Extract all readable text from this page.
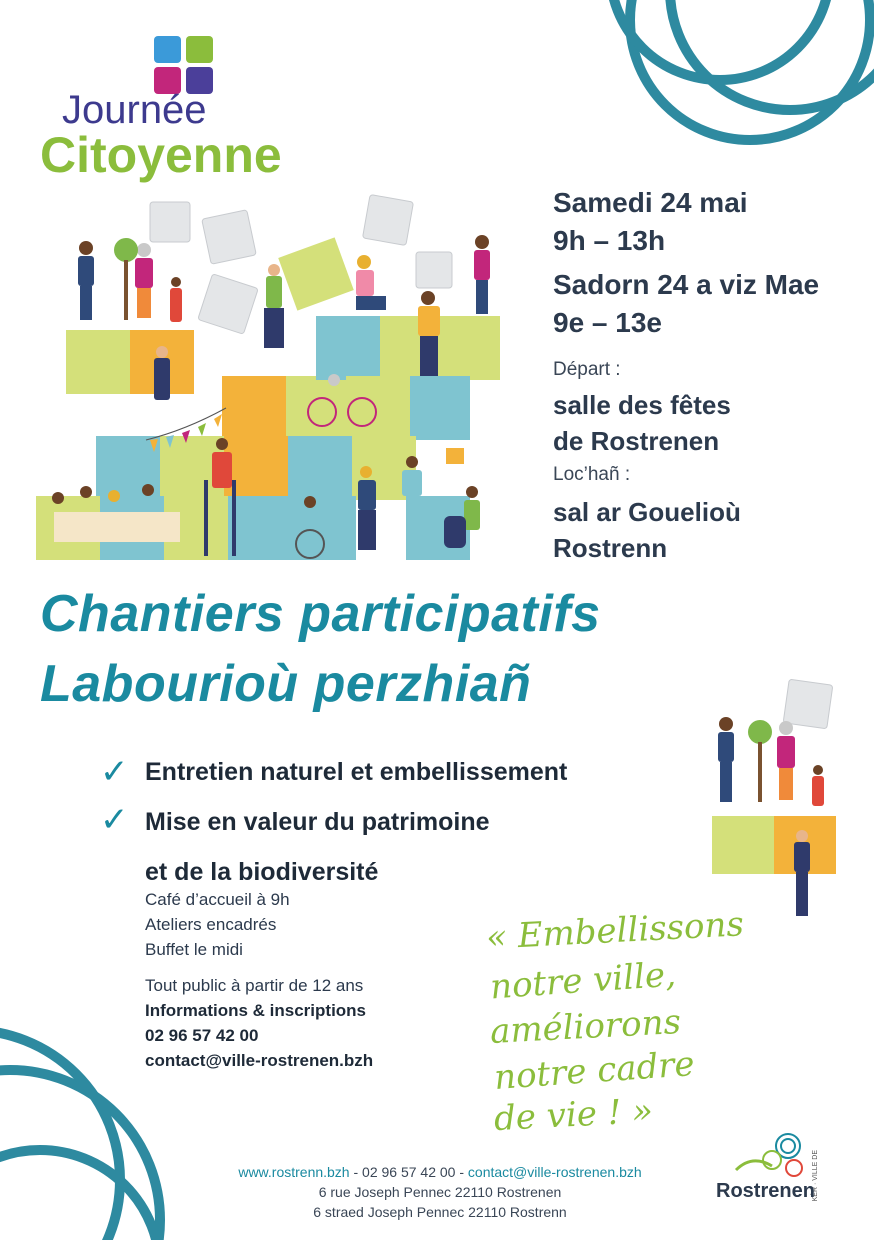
Journée
Citoyenne
Samedi 24 mai
9h – 13h
Sadorn 24 a viz Mae
9e – 13e
Départ :
salle des fêtes
de Rostrenen
Loc’hañ :
sal ar Gouelioù
Rostrenn
Chantiers participatifs
Labourioù perzhiañ
✓ Entretien naturel et embellissement
✓ Mise en valeur du patrimoine
et de la biodiversité
Café d’accueil à 9h
Ateliers encadrés
Buffet le midi
Tout public à partir de 12 ans
Informations & inscriptions
02 96 57 42 00
contact@ville-rostrenen.bzh
« Embellissons
notre ville,
améliorons
notre cadre
de vie ! »
www.rostrenn.bzh - 02 96 57 42 00 - contact@ville-rostrenen.bzh
6 rue Joseph Pennec 22110 Rostrenen
6 straed Joseph Pennec 22110 Rostrenn
KÊR · VILLE DE
Rostrenen
